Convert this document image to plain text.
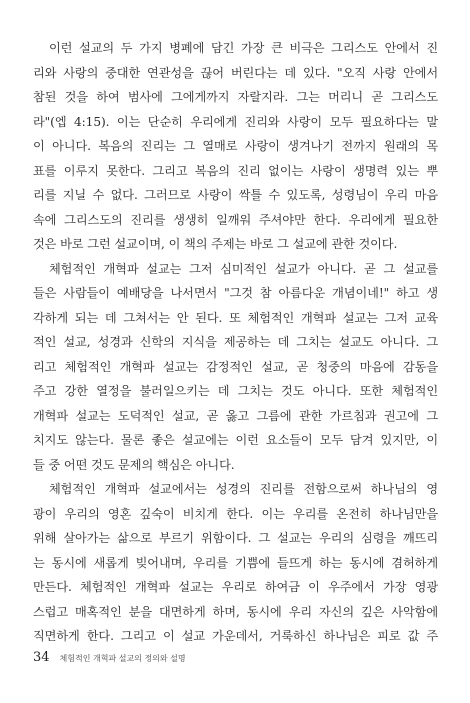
이런 설교의 두 가지 병폐에 담긴 가장 큰 비극은 그리스도 안에서 진
리와 사랑의 중대한 연관성을 끊어 버린다는 데 있다. "오직 사랑 안에서
참된 것을 하여 범사에 그에게까지 자랄지라. 그는 머리니 곧 그리스도
라"(엡 4:15). 이는 단순히 우리에게 진리와 사랑이 모두 필요하다는 말
이 아니다. 복음의 진리는 그 열매로 사랑이 생겨나기 전까지 원래의 목
표를 이루지 못한다. 그리고 복음의 진리 없이는 사랑이 생명력 있는 뿌
리를 지닐 수 없다. 그러므로 사랑이 싹틀 수 있도록, 성령님이 우리 마음
속에 그리스도의 진리를 생생히 일깨워 주셔야만 한다. 우리에게 필요한
것은 바로 그런 설교이며, 이 책의 주제는 바로 그 설교에 관한 것이다.
체험적인 개혁파 설교는 그저 심미적인 설교가 아니다. 곧 그 설교를
들은 사람들이 예배당을 나서면서 "그것 참 아름다운 개념이네!" 하고 생
각하게 되는 데 그쳐서는 안 된다. 또 체험적인 개혁파 설교는 그저 교육
적인 설교, 성경과 신학의 지식을 제공하는 데 그치는 설교도 아니다. 그
리고 체험적인 개혁파 설교는 감정적인 설교, 곧 청중의 마음에 감동을
주고 강한 열정을 불러일으키는 데 그치는 것도 아니다. 또한 체험적인
개혁파 설교는 도덕적인 설교, 곧 옳고 그름에 관한 가르침과 권고에 그
치지도 않는다. 물론 좋은 설교에는 이런 요소들이 모두 담겨 있지만, 이
들 중 어떤 것도 문제의 핵심은 아니다.
체험적인 개혁파 설교에서는 성경의 진리를 전함으로써 하나님의 영
광이 우리의 영혼 깊숙이 비치게 한다. 이는 우리를 온전히 하나님만을
위해 살아가는 삶으로 부르기 위함이다. 그 설교는 우리의 심령을 깨뜨리
는 동시에 새롭게 빚어내며, 우리를 기쁨에 들뜨게 하는 동시에 겸허하게
만든다. 체험적인 개혁파 설교는 우리로 하여금 이 우주에서 가장 영광
스럽고 매혹적인 분을 대면하게 하며, 동시에 우리 자신의 깊은 사악함에
직면하게 한다. 그리고 이 설교 가운데서, 거룩하신 하나님은 피로 값 주
34 체험적인 개혁파 설교의 정의와 설명
